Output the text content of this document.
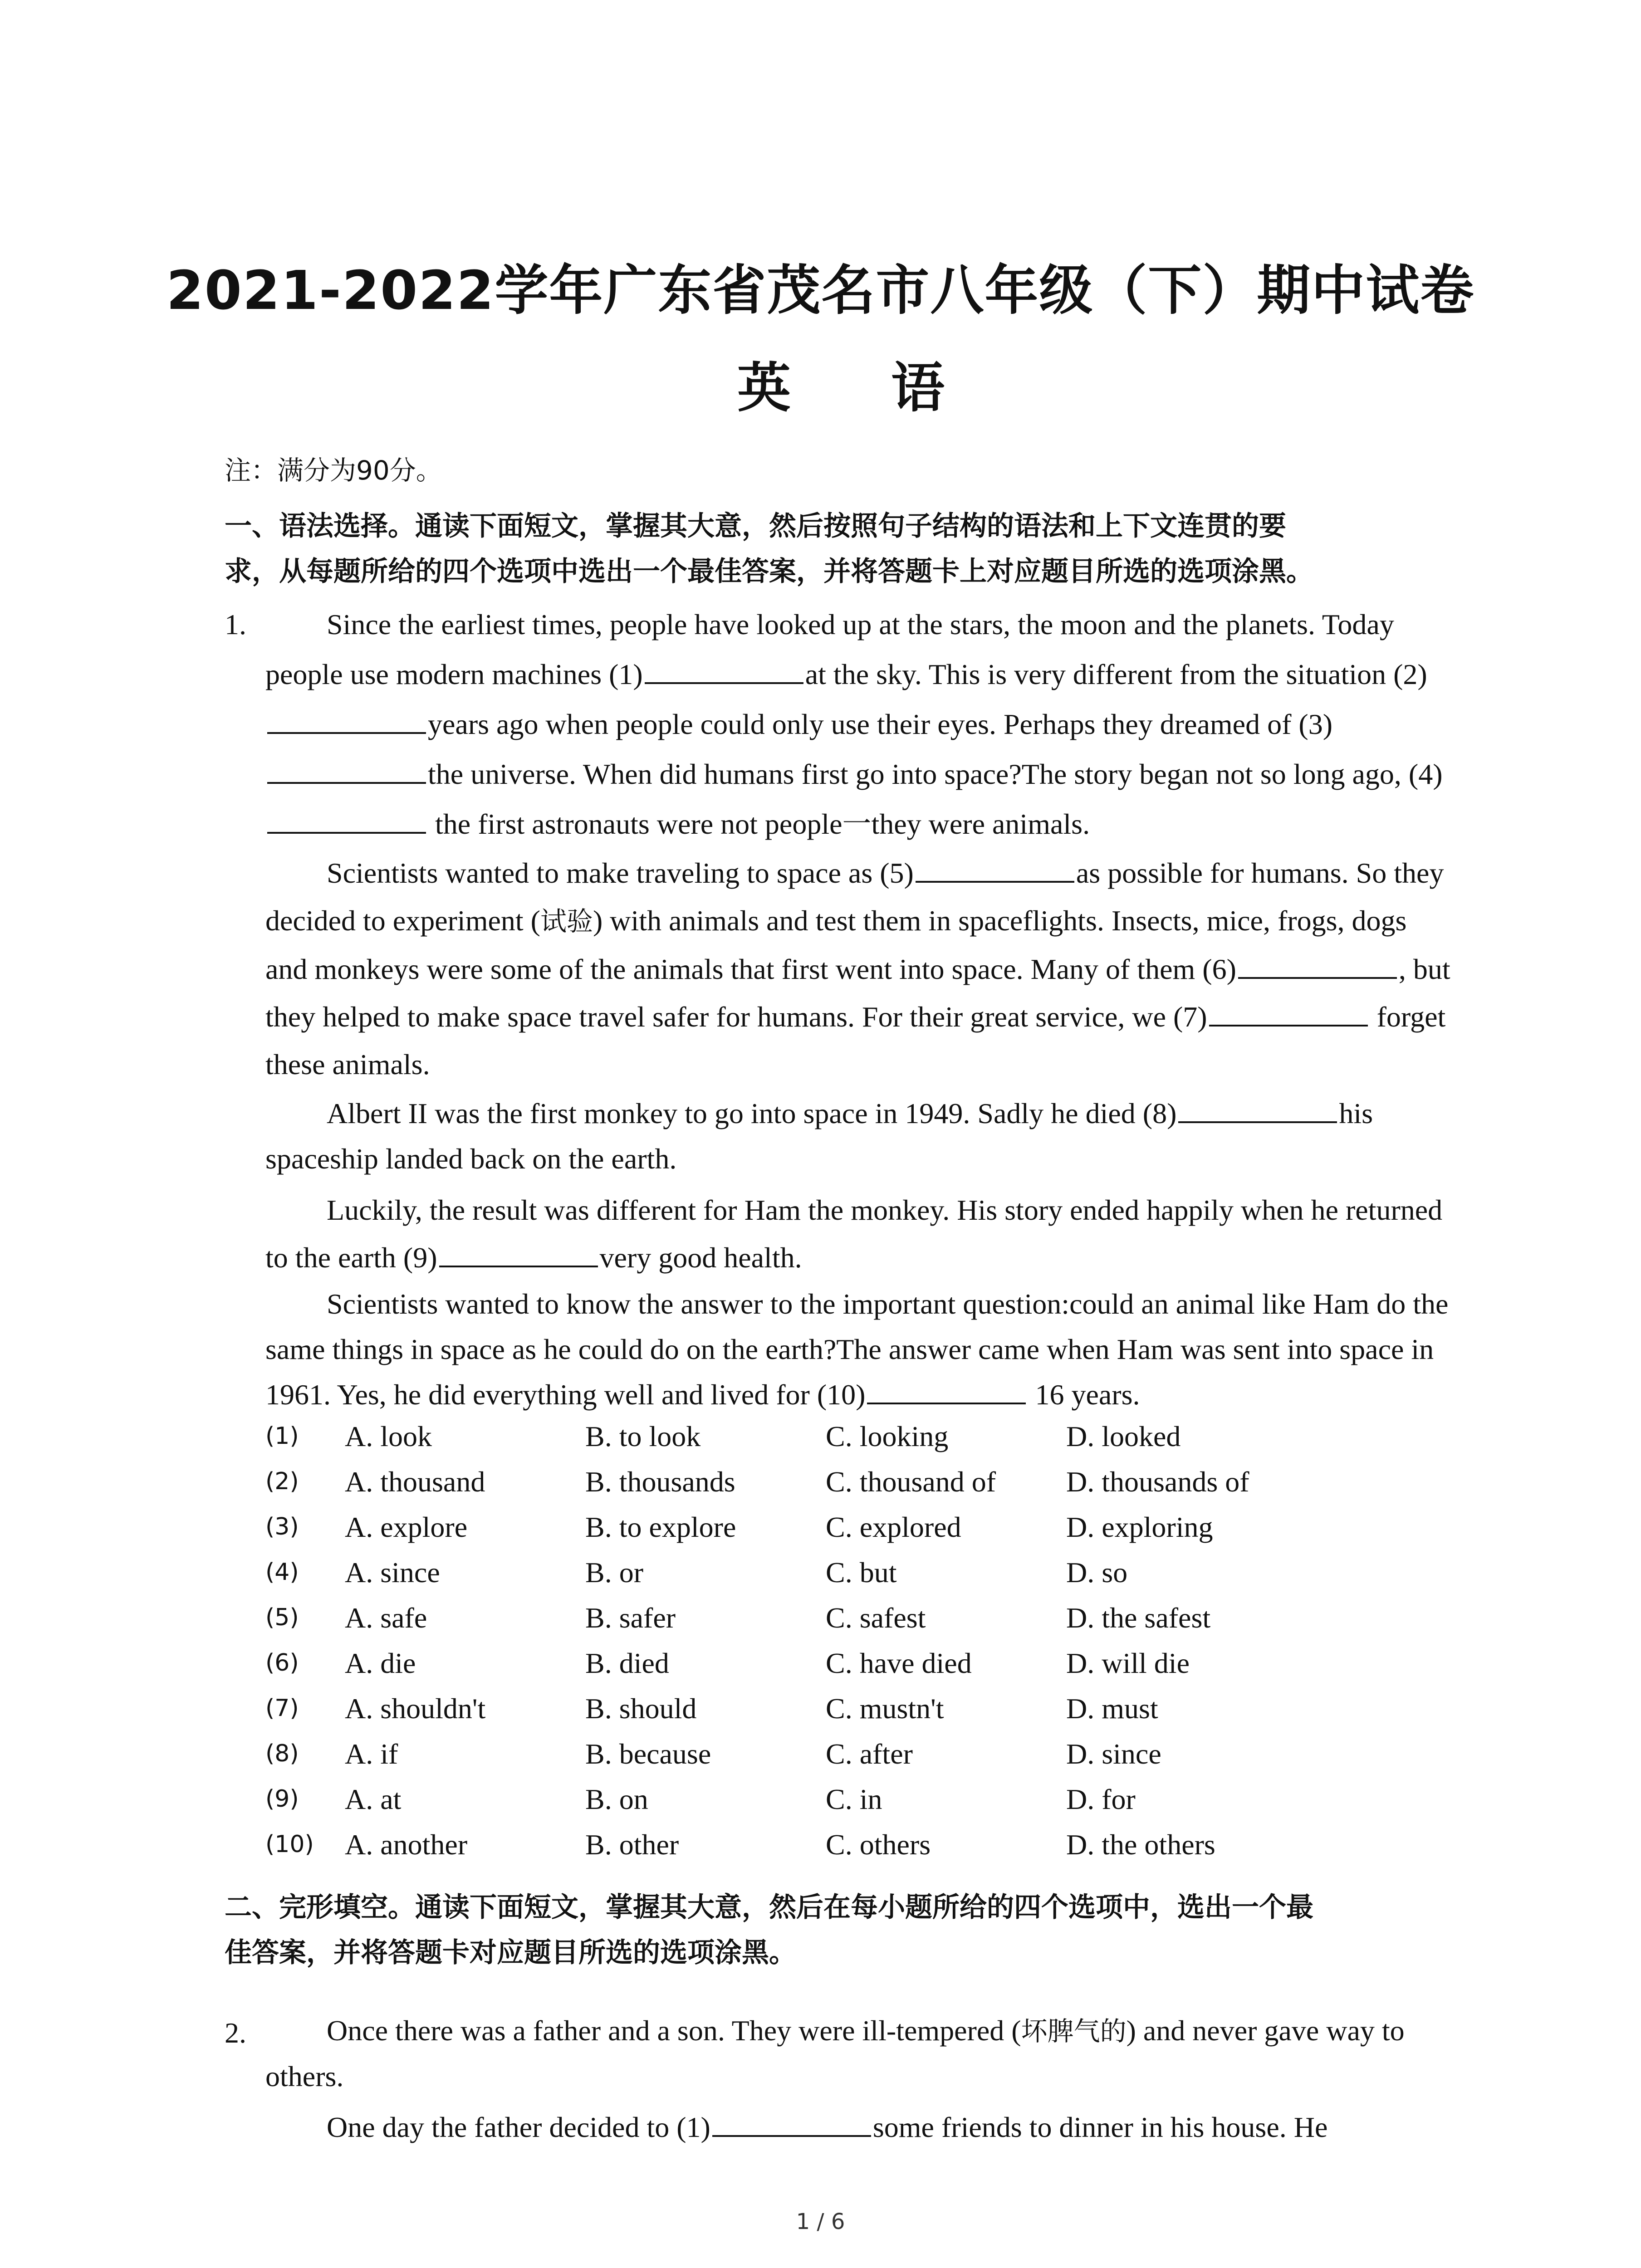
2021-2022学年广东省茂名市八年级（下）期中试卷
英 语
注：满分为90分。
一、语法选择。通读下面短文，掌握其大意，然后按照句子结构的语法和上下文连贯的要
求，从每题所给的四个选项中选出一个最佳答案，并将答题卡上对应题目所选的选项涂黑。
1.	Since the earliest times, people have looked up at the stars, the moon and the planets. Today people use modern machines (1)	at the sky. This is very different from the situation (2)years ago when people could only use their eyes. Perhaps they dreamed of (3)the universe. When did humans first go into space?The story began not so long ago, (4) the first astronauts were not people一they were animals.
Scientists wanted to make traveling to space as (5)	as possible for humans. So they decided to experiment (试验) with animals and test them in spaceflights. Insects, mice, frogs, dogs and monkeys were some of the animals that first went into space. Many of them (6)	, but they helped to make space travel safer for humans. For their great service, we (7)	forget these animals.
Albert II was the first monkey to go into space in 1949. Sadly he died (8)	his spaceship landed back on the earth.
Luckily, the result was different for Ham the monkey. His story ended happily when he returned to the earth (9)	very good health.
Scientists wanted to know the answer to the important question:could an animal like Ham do the same things in space as he could do on the earth?The answer came when Ham was sent into space in 1961. Yes, he did everything well and lived for (10)	16 years.
(1) A. look	B. to look	C. looking	D. looked
(2) A. thousand	B. thousands	C. thousand of D. thousands of
(3) A. explore	B. to explore	C. explored	D. exploring
(4) A. since	B. or	C. but	D. so
(5) A. safe	B. safer	C. safest	D. the safest
(6) A. die	B. died	C. have died	D. will die
(7) A. shouldn't	B. should	C. mustn't	D. must
(8) A. if	B. because	C. after	D. since
(9) A. at	B. on	C. in	D. for
(10) A. another	B. other	C. others	D. the others
二、完形填空。通读下面短文，掌握其大意，然后在每小题所给的四个选项中，选出一个最
佳答案，并将答题卡对应题目所选的选项涂黑。
2.	Once there was a father and a son. They were ill-tempered (坏脾气的) and never gave way to others.
One day the father decided to (1)	some friends to dinner in his house. He
1 / 6
